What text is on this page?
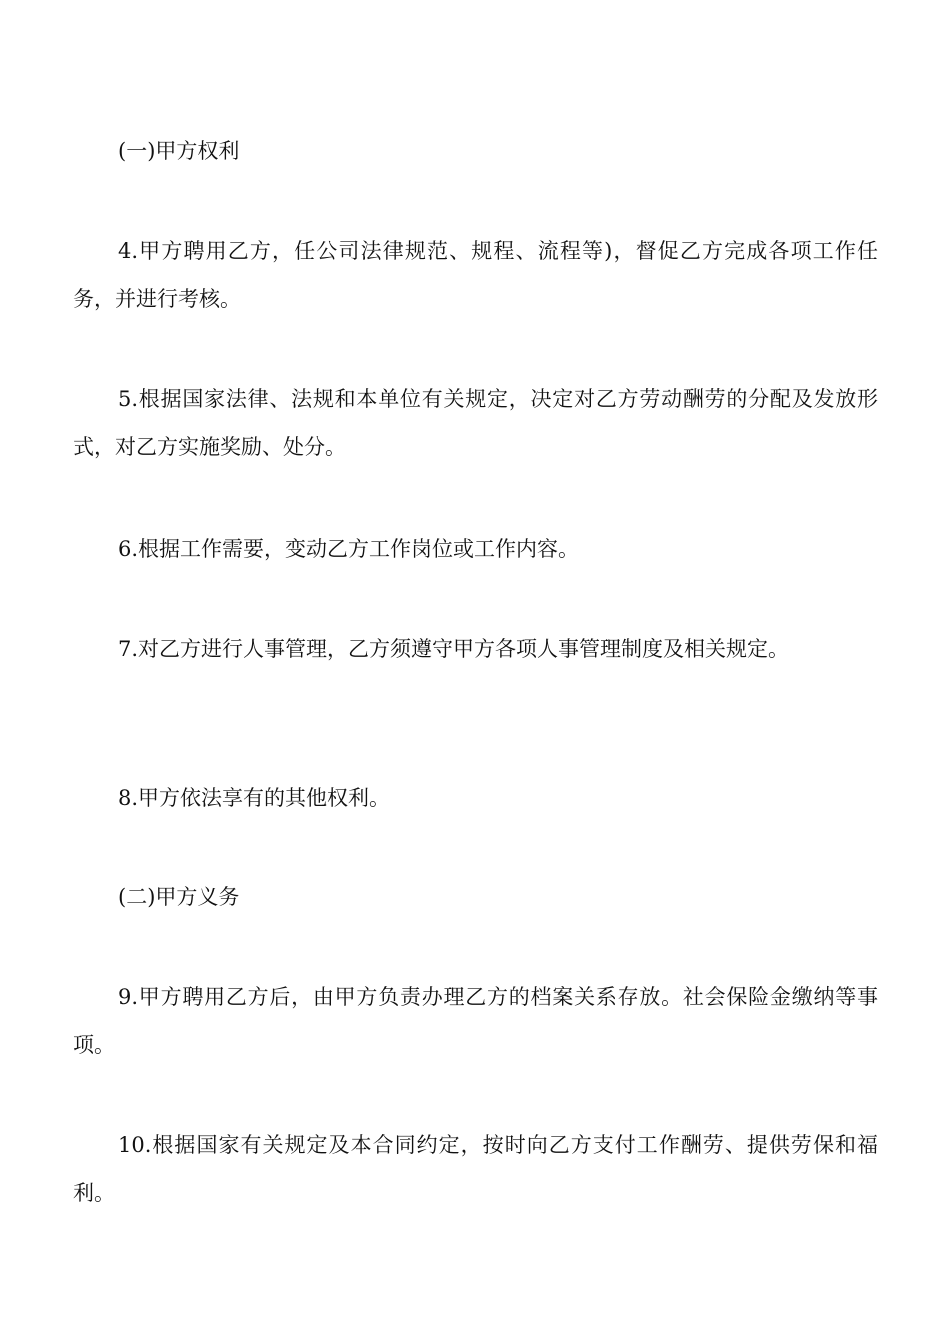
(一)甲方权利

4.甲方聘用乙方，任公司法律规范、规程、流程等)，督促乙方完成各项工作任务，并进行考核。

5.根据国家法律、法规和本单位有关规定，决定对乙方劳动酬劳的分配及发放形式，对乙方实施奖励、处分。

6.根据工作需要，变动乙方工作岗位或工作内容。

7.对乙方进行人事管理，乙方须遵守甲方各项人事管理制度及相关规定。

8.甲方依法享有的其他权利。

(二)甲方义务

9.甲方聘用乙方后，由甲方负责办理乙方的档案关系存放。社会保险金缴纳等事项。

10.根据国家有关规定及本合同约定，按时向乙方支付工作酬劳、提供劳保和福利。
